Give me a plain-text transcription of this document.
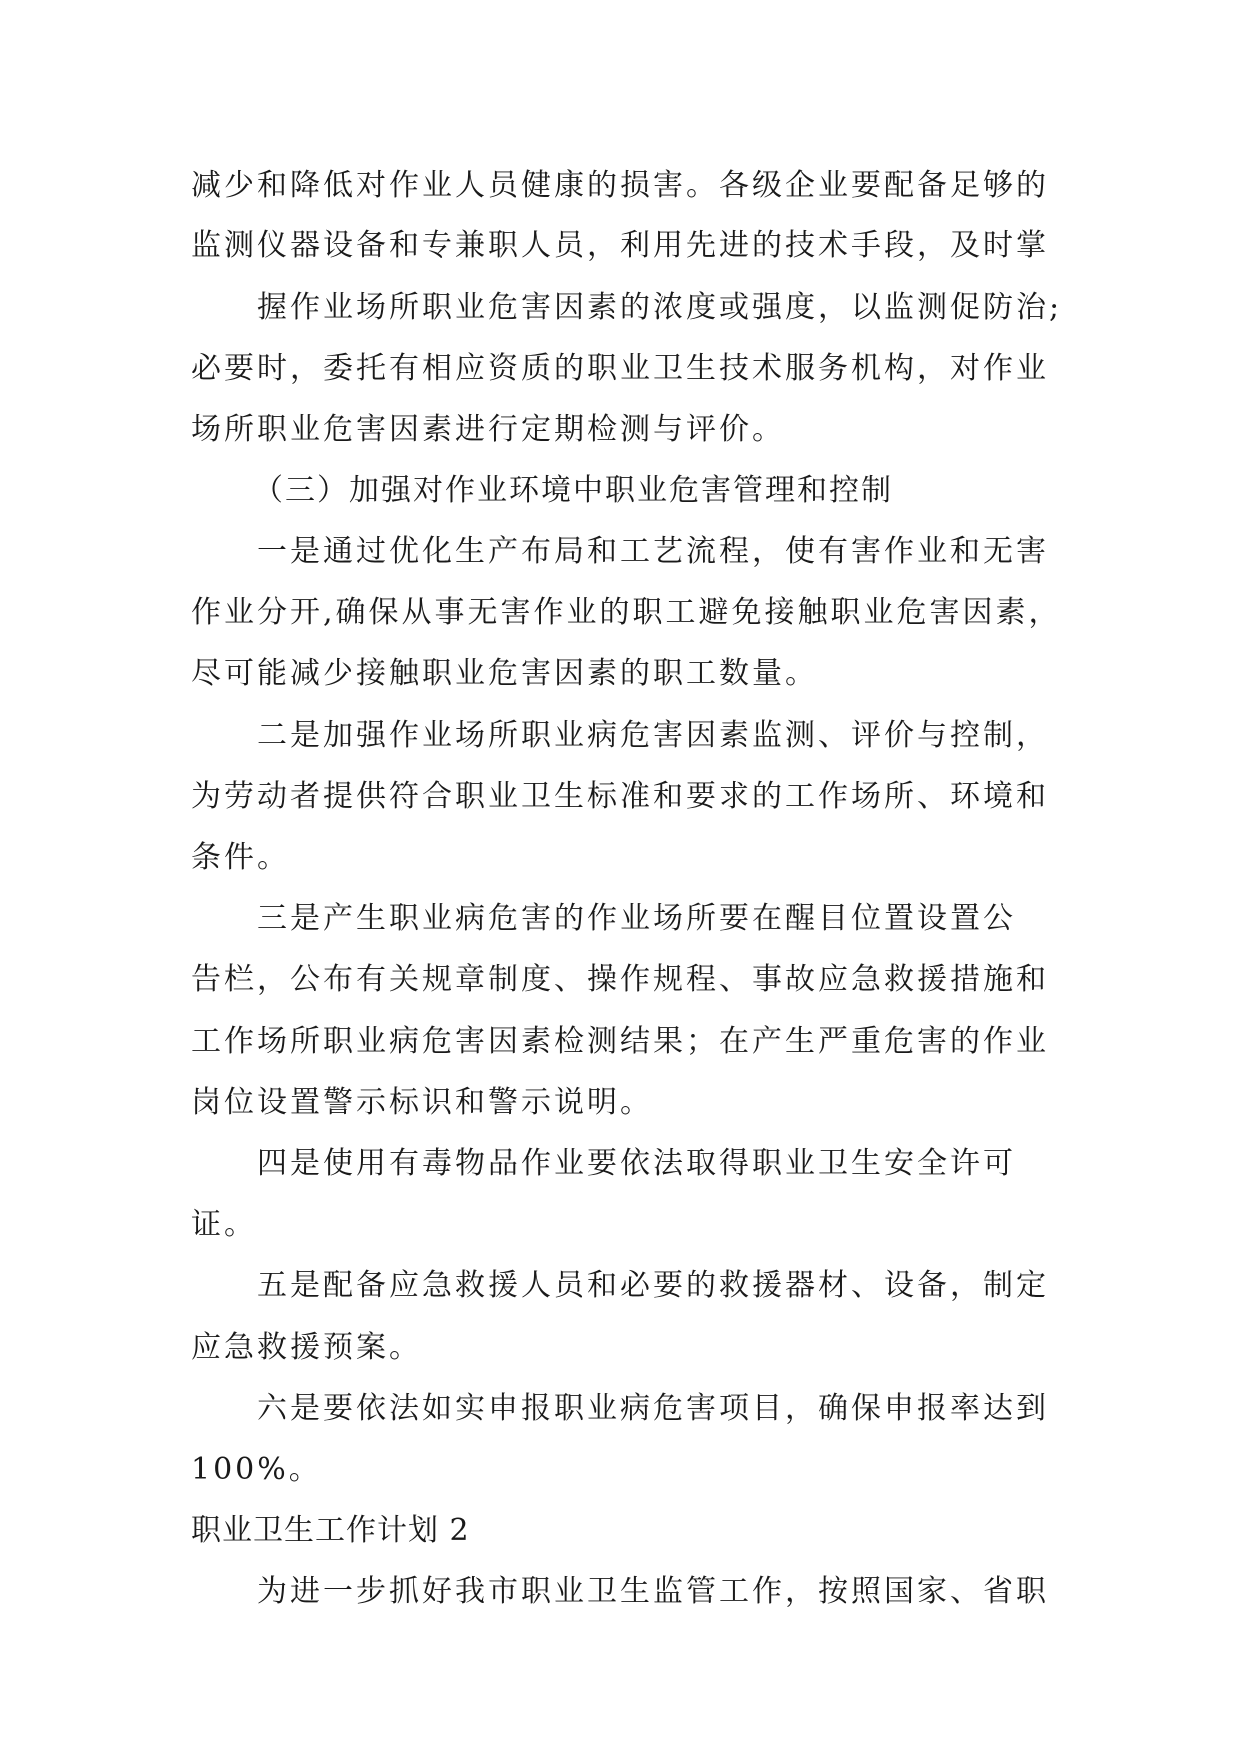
减少和降低对作业人员健康的损害。各级企业要配备足够的
监测仪器设备和专兼职人员，利用先进的技术手段，及时掌
握作业场所职业危害因素的浓度或强度，以监测促防治;
必要时，委托有相应资质的职业卫生技术服务机构，对作业
场所职业危害因素进行定期检测与评价。
（三）加强对作业环境中职业危害管理和控制
一是通过优化生产布局和工艺流程，使有害作业和无害
作业分开,确保从事无害作业的职工避免接触职业危害因素，
尽可能减少接触职业危害因素的职工数量。
二是加强作业场所职业病危害因素监测、评价与控制，
为劳动者提供符合职业卫生标准和要求的工作场所、环境和
条件。
三是产生职业病危害的作业场所要在醒目位置设置公
告栏，公布有关规章制度、操作规程、事故应急救援措施和
工作场所职业病危害因素检测结果；在产生严重危害的作业
岗位设置警示标识和警示说明。
四是使用有毒物品作业要依法取得职业卫生安全许可
证。
五是配备应急救援人员和必要的救援器材、设备，制定
应急救援预案。
六是要依法如实申报职业病危害项目，确保申报率达到
100%。
职业卫生工作计划 2
为进一步抓好我市职业卫生监管工作，按照国家、省职
